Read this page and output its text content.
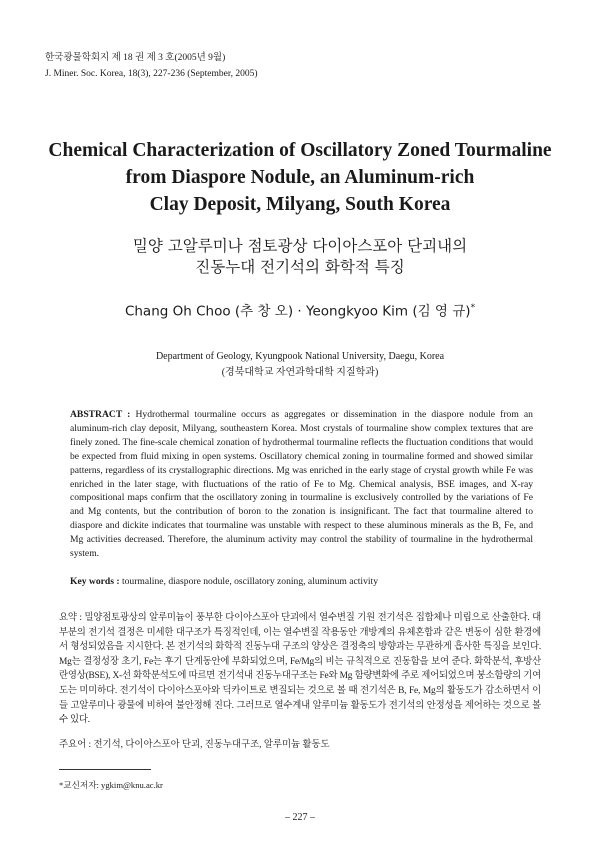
한국광물학회지 제 18 권 제 3 호(2005년 9월)
J. Miner. Soc. Korea, 18(3), 227-236 (September, 2005)
Chemical Characterization of Oscillatory Zoned Tourmaline
from Diaspore Nodule, an Aluminum-rich
Clay Deposit, Milyang, South Korea
밀양 고알루미나 점토광상 다이아스포아 단괴내의
진동누대 전기석의 화학적 특징
Chang Oh Choo (추 창 오) · Yeongkyoo Kim (김 영 규)*
Department of Geology, Kyungpook National University, Daegu, Korea
(경북대학교 자연과학대학 지질학과)

ABSTRACT : Hydrothermal tourmaline occurs as aggregates or dissemination in the diaspore nodule from an aluminum-rich clay deposit, Milyang, southeastern Korea. Most crystals of tourmaline show complex textures that are finely zoned. The fine-scale chemical zonation of hydrothermal tourmaline reflects the fluctuation conditions that would be expected from fluid mixing in open systems. Oscillatory chemical zoning in tourmaline formed and showed similar patterns, regardless of its crystallographic directions. Mg was enriched in the early stage of crystal growth while Fe was enriched in the later stage, with fluctuations of the ratio of Fe to Mg. Chemical analysis, BSE images, and X-ray compositional maps confirm that the oscillatory zoning in tourmaline is exclusively controlled by the variations of Fe and Mg contents, but the contribution of boron to the zonation is insignificant. The fact that tourmaline altered to diaspore and dickite indicates that tourmaline was unstable with respect to these aluminous minerals as the B, Fe, and Mg activities decreased. Therefore, the aluminum activity may control the stability of tourmaline in the hydrothermal system.

Key words : tourmaline, diaspore nodule, oscillatory zoning, aluminum activity

요약 : 밀양점토광상의 알루미늄이 풍부한 다이아스포아 단괴에서 열수변질 기원 전기석은 집합체나 미립으로 산출한다. 대부분의 전기석 결정은 미세한 대구조가 특징적인데, 이는 열수변질 작용동안 개방계의 유체혼합과 같은 변동이 심한 환경에서 형성되었음을 지시한다. 본 전기석의 화학적 진동누대 구조의 양상은 결정축의 방향과는 무관하게 흡사한 특징을 보인다. Mg는 결정성장 초기, Fe는 후기 단계동안에 부화되었으며, Fe/Mg의 비는 규칙적으로 진동함을 보여 준다. 화학분석, 후방산란영상(BSE), X-선 화학분석도에 따르면 전기석내 진동누대구조는 Fe와 Mg 함량변화에 주로 제어되었으며 붕소함량의 기여도는 미미하다. 전기석이 다이아스포아와 딕카이트로 변질되는 것으로 볼 때 전기석은 B, Fe, Mg의 활동도가 감소하면서 이들 고알루미나 광물에 비하여 불안정해 진다. 그러므로 열수계내 알루미늄 활동도가 전기석의 안정성을 제어하는 것으로 볼 수 있다.

주요어 : 전기석, 다이아스포아 단괴, 진동누대구조, 알루미늄 활동도

*교신저자: ygkim@knu.ac.kr
– 227 –
